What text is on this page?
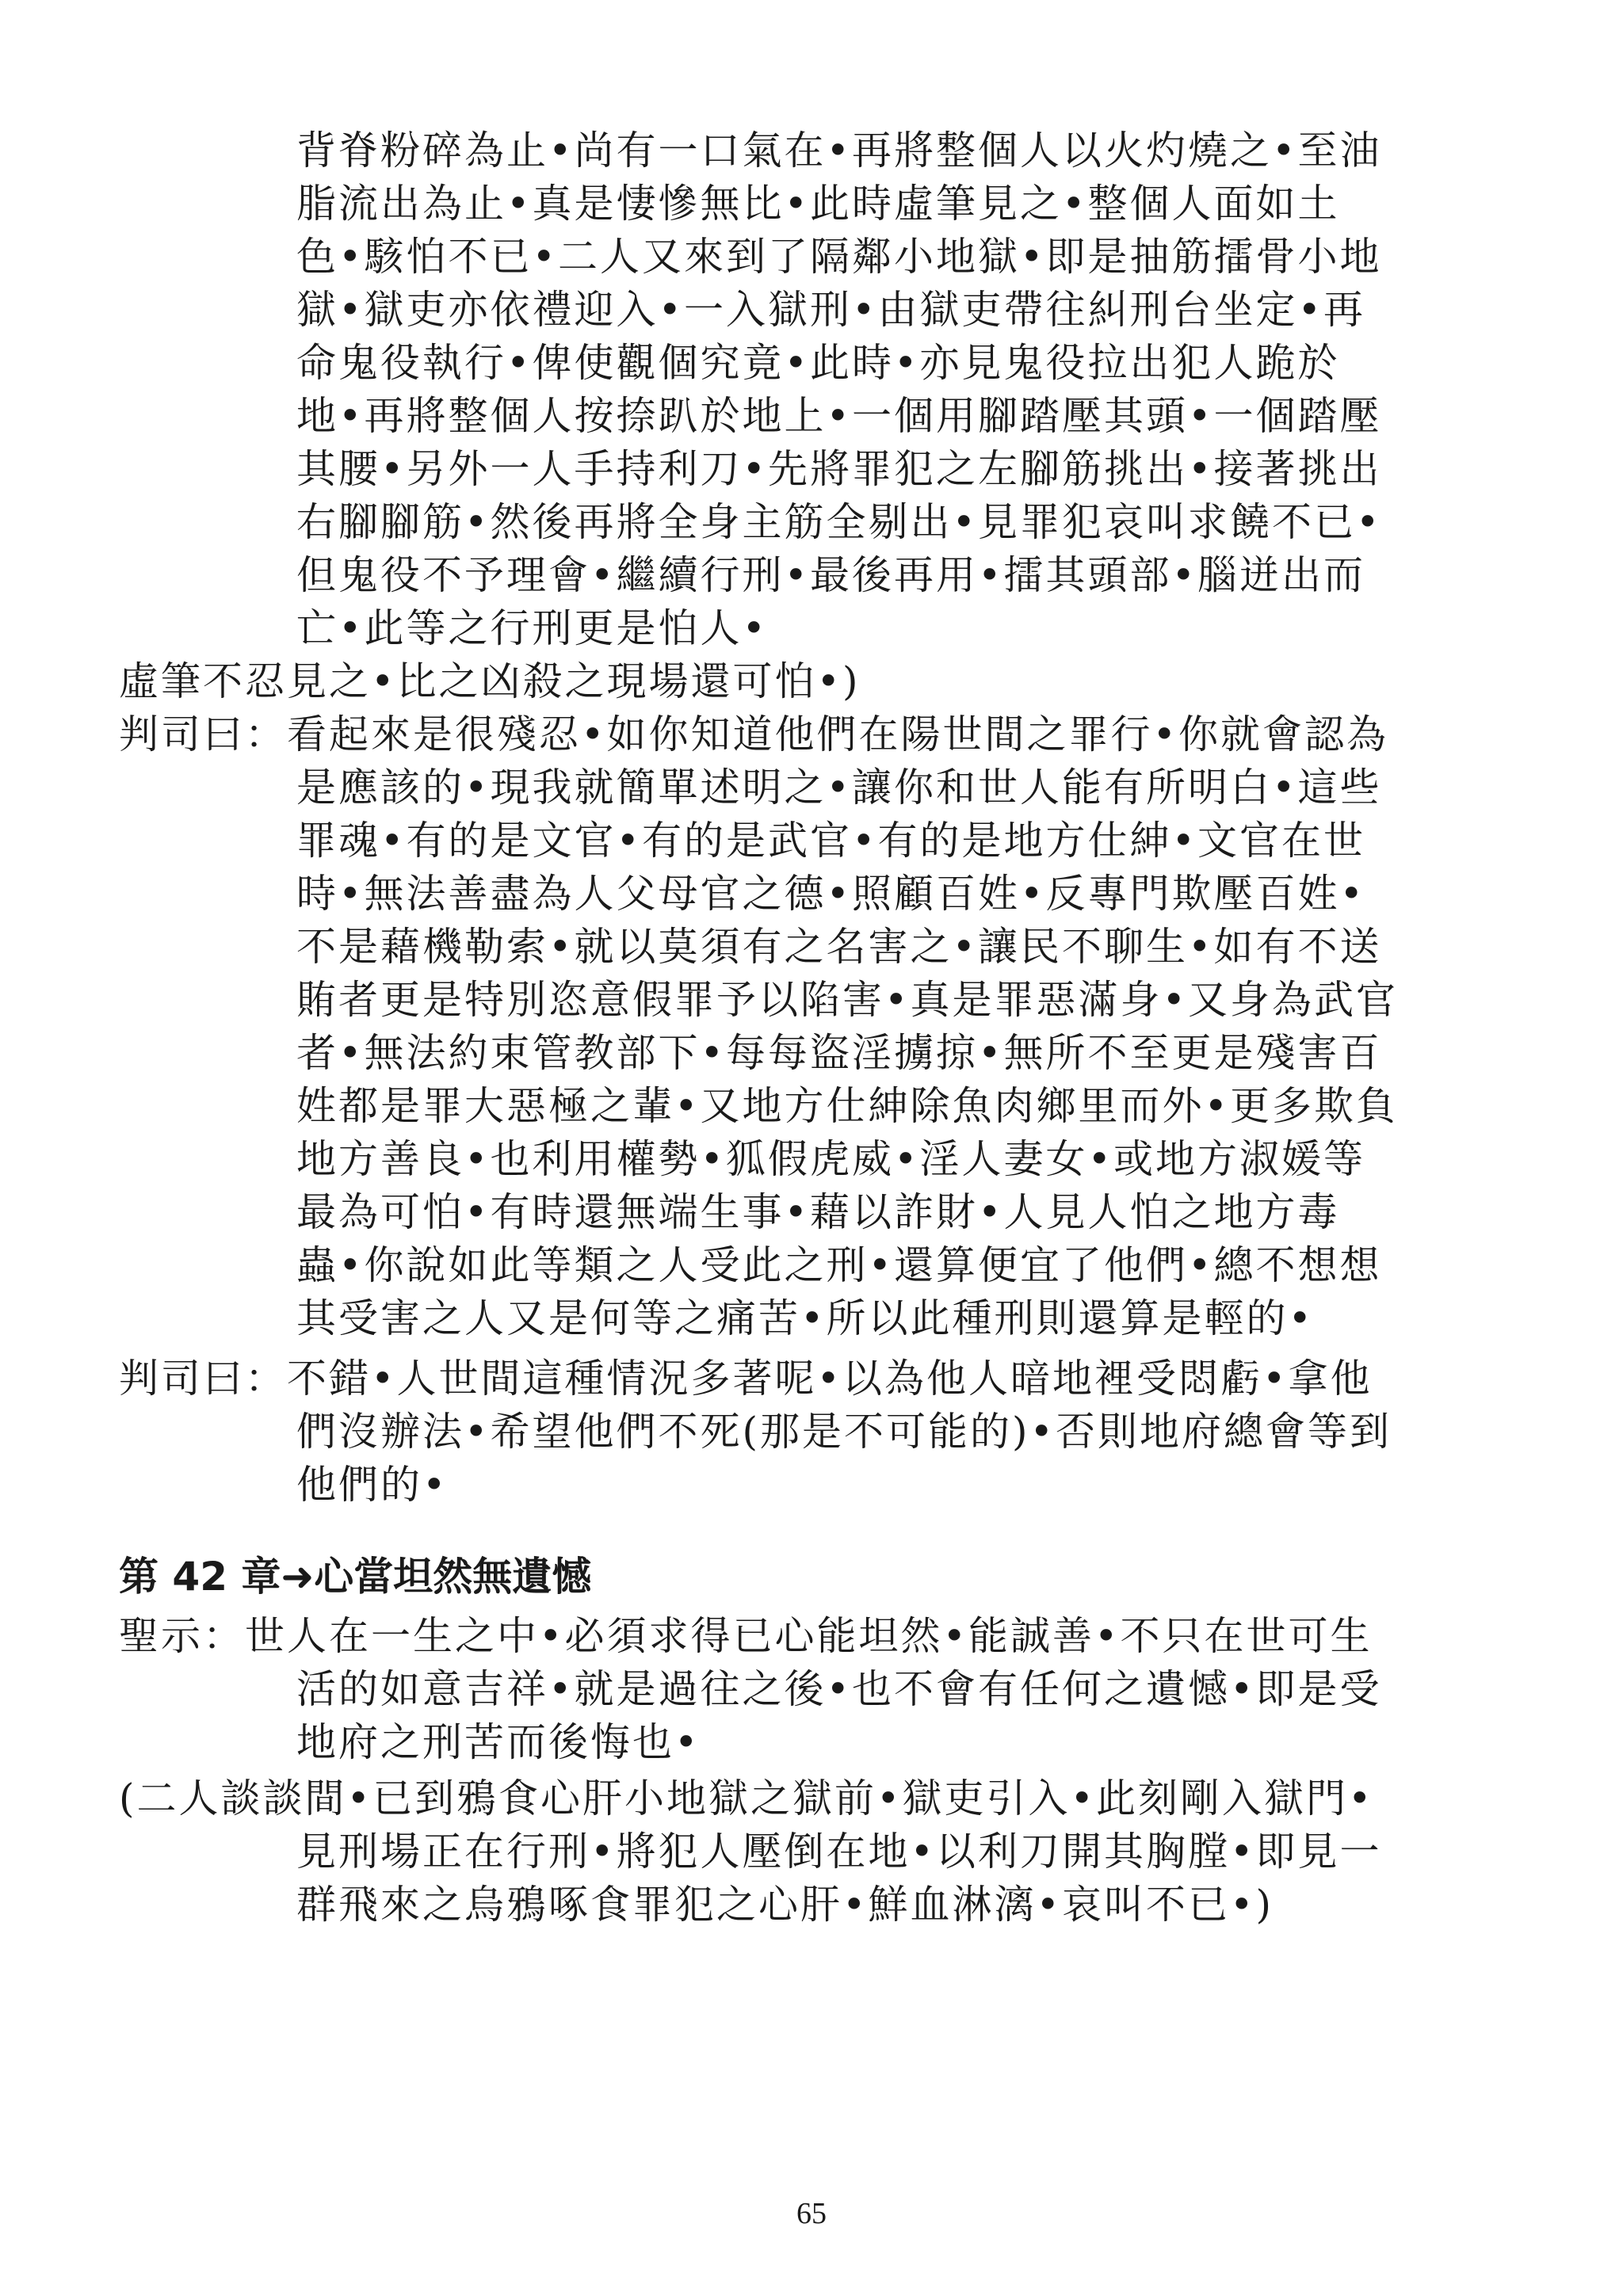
背脊粉碎為止•尚有一口氣在•再將整個人以火灼燒之•至油
脂流出為止•真是悽慘無比•此時虛筆見之•整個人面如土
色•駭怕不已•二人又來到了隔鄰小地獄•即是抽筋擂骨小地
獄•獄吏亦依禮迎入•一入獄刑•由獄吏帶往糾刑台坐定•再
命鬼役執行•俾使觀個究竟•此時•亦見鬼役拉出犯人跪於
地•再將整個人按捺趴於地上•一個用腳踏壓其頭•一個踏壓
其腰•另外一人手持利刀•先將罪犯之左腳筋挑出•接著挑出
右腳腳筋•然後再將全身主筋全剔出•見罪犯哀叫求饒不已•
但鬼役不予理會•繼續行刑•最後再用•擂其頭部•腦迸出而
亡•此等之行刑更是怕人•
虛筆不忍見之•比之凶殺之現場還可怕•)
判司曰：看起來是很殘忍•如你知道他們在陽世間之罪行•你就會認為
是應該的•現我就簡單述明之•讓你和世人能有所明白•這些
罪魂•有的是文官•有的是武官•有的是地方仕紳•文官在世
時•無法善盡為人父母官之德•照顧百姓•反專門欺壓百姓•
不是藉機勒索•就以莫須有之名害之•讓民不聊生•如有不送
賄者更是特別恣意假罪予以陷害•真是罪惡滿身•又身為武官
者•無法約束管教部下•每每盜淫擄掠•無所不至更是殘害百
姓都是罪大惡極之輩•又地方仕紳除魚肉鄉里而外•更多欺負
地方善良•也利用權勢•狐假虎威•淫人妻女•或地方淑媛等
最為可怕•有時還無端生事•藉以詐財•人見人怕之地方毒
蟲•你說如此等類之人受此之刑•還算便宜了他們•總不想想
其受害之人又是何等之痛苦•所以此種刑則還算是輕的•
判司曰：不錯•人世間這種情況多著呢•以為他人暗地裡受悶虧•拿他
們沒辦法•希望他們不死(那是不可能的)•否則地府總會等到
他們的•
第 42 章➜心當坦然無遺憾
聖示：世人在一生之中•必須求得已心能坦然•能誠善•不只在世可生
活的如意吉祥•就是過往之後•也不會有任何之遺憾•即是受
地府之刑苦而後悔也•
(二人談談間•已到鴉食心肝小地獄之獄前•獄吏引入•此刻剛入獄門•
見刑場正在行刑•將犯人壓倒在地•以利刀開其胸膛•即見一
群飛來之烏鴉啄食罪犯之心肝•鮮血淋漓•哀叫不已•)
65
